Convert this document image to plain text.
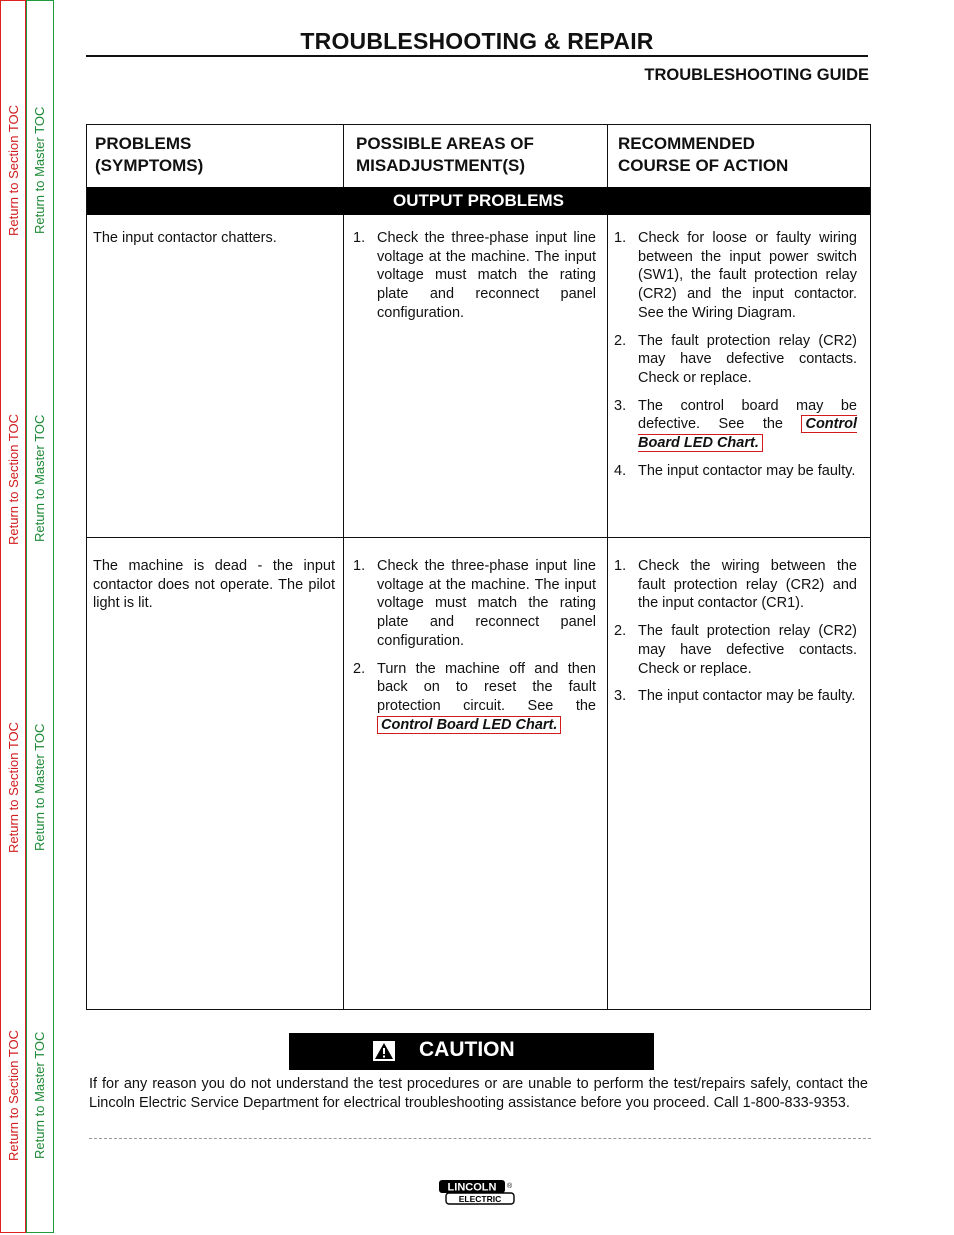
Return to Section TOC
Return to Section TOC
Return to Section TOC
Return to Section TOC
Return to Master TOC
Return to Master TOC
Return to Master TOC
Return to Master TOC
TROUBLESHOOTING & REPAIR
TROUBLESHOOTING GUIDE
PROBLEMS
(SYMPTOMS)
POSSIBLE AREAS OF
MISADJUSTMENT(S)
RECOMMENDED
COURSE OF ACTION
OUTPUT PROBLEMS

The input contactor chatters.	1. Check the three-phase input line voltage at the machine. The input voltage must match the rating plate and reconnect panel configuration.
1. Check for loose or faulty wiring between the input power switch (SW1), the fault protection relay (CR2) and the input contactor. See the Wiring Diagram.
2. The fault protection relay (CR2) may have defective contacts. Check or replace.
3. The control board may be defective. See the Control Board LED Chart.
4. The input contactor may be faulty.

The machine is dead - the input contactor does not operate. The pilot light is lit.

1. Check the three-phase input line voltage at the machine. The input voltage must match the rating plate and reconnect panel configuration.
2. Turn the machine off and then back on to reset the fault protection circuit. See the Control Board LED Chart.
1. Check the wiring between the fault protection relay (CR2) and the input contactor (CR1).
2. The fault protection relay (CR2) may have defective contacts. Check or replace.
3. The input contactor may be faulty.
CAUTION
If for any reason you do not understand the test procedures or are unable to perform the test/repairs safely, contact the Lincoln Electric Service Department for electrical troubleshooting assistance before you proceed. Call 1-800-833-9353.
LINCOLN
ELECTRIC
®
